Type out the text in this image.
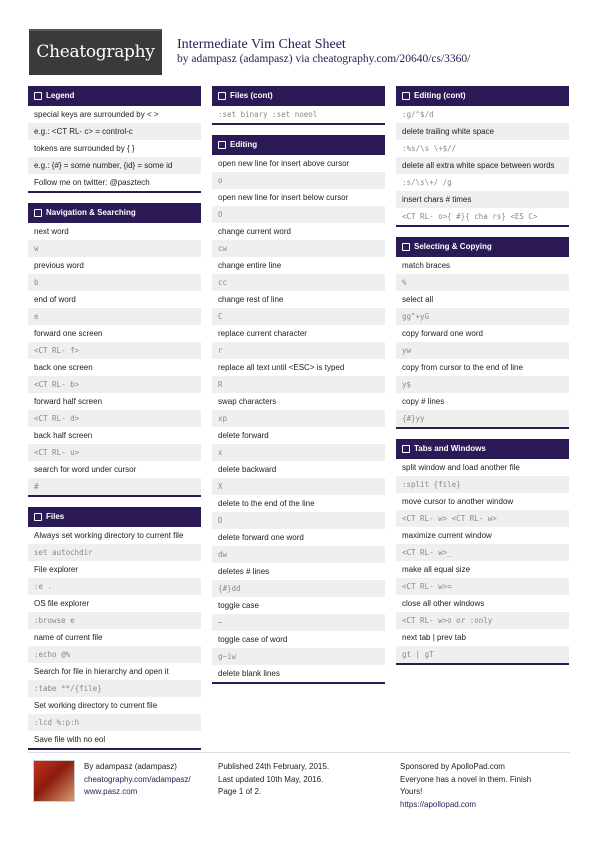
Cheatography	Intermediate Vim Cheat Sheet
by adampasz (adampasz) via cheatography.com/20640/cs/3360/
Legend
special keys are surrounded by < >
e.g.: <CT RL- c> = control-c
tokens are surrounded by { }
e.g.: {#} = some number, {id} = some id
Follow me on twitter: @pasztech
Navigation & Searching
next word
w
previous word
b
end of word
e
forward one screen
<CT RL- f>
back one screen
<CT RL- b>
forward half screen
<CT RL- d>
back half screen
<CT RL- u>
search for word under cursor
#
Files
Always set working directory to current file
set autochdir
File explorer
:e .
OS file explorer
:browse e
name of current file
:echo @%
Search for file in hierarchy and open it
:tabe **/{file}
Set working directory to current file
:lcd %:p:h
Save file with no eol
Files (cont)
:set binary :set noeol
Editing
open new line for insert above cursor
o
open new line for insert below cursor
O
change current word
cw
change entire line
cc
change rest of line
C
replace current character
r
replace all text until <ESC> is typed
R
swap characters
xp
delete forward
x
delete backward
X
delete to the end of the line
D
delete forward one word
dw
deletes # lines
{#}dd
toggle case
~
toggle case of word
g~iw
delete blank lines
Editing (cont)
:g/^$/d
delete trailing white space
:%s/\s \+$//
delete all extra white space between words
:s/\s\+/ /g
insert chars # times
<CT RL- o>{ #}{ cha rs} <ES C>
Selecting & Copying
match braces
%
select all
gg"+yG
copy forward one word
yw
copy from cursor to the end of line
y$
copy # lines
{#}yy
Tabs and Windows
split window and load another file
:split {file}
move cursor to another window
<CT RL- w> <CT RL- w>
maximize current window
<CT RL- w>_
make all equal size
<CT RL- w>=
close all other windows
<CT RL- w>o or :only
next tab | prev tab
gt | gT
By adampasz (adampasz)
cheatography.com/adampasz/
www.pasz.com
Published 24th February, 2015.
Last updated 10th May, 2016.
Page 1 of 2.
Sponsored by ApolloPad.com
Everyone has a novel in them. Finish
Yours!
https://apollopad.com
